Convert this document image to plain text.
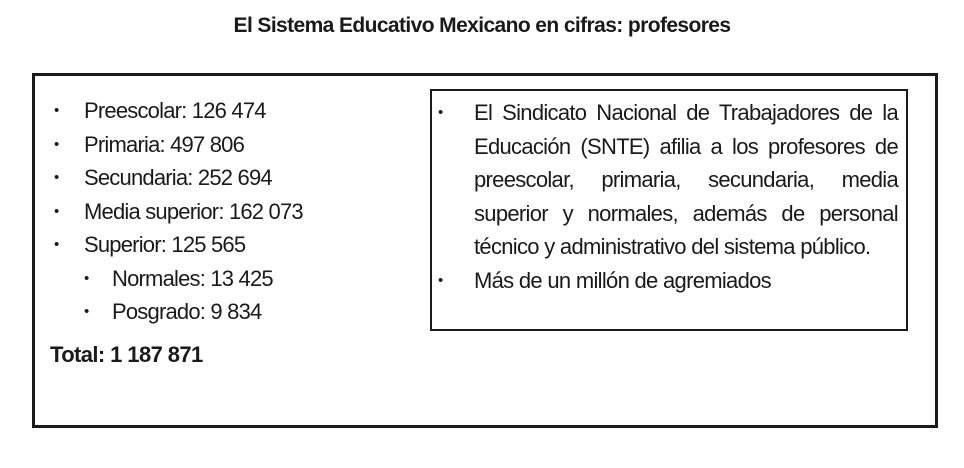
El Sistema Educativo Mexicano en cifras: profesores
• Preescolar: 126 474
• Primaria: 497 806
• Secundaria: 252 694
• Media superior: 162 073
• Superior: 125 565
• Normales: 13 425
• Posgrado: 9 834
Total: 1 187 871
• El Sindicato Nacional de Trabajadores de la Educación (SNTE) afilia a los profesores de preescolar, primaria, secundaria, media superior y normales, además de personal técnico y administrativo del sistema público.
• Más de un millón de agremiados
